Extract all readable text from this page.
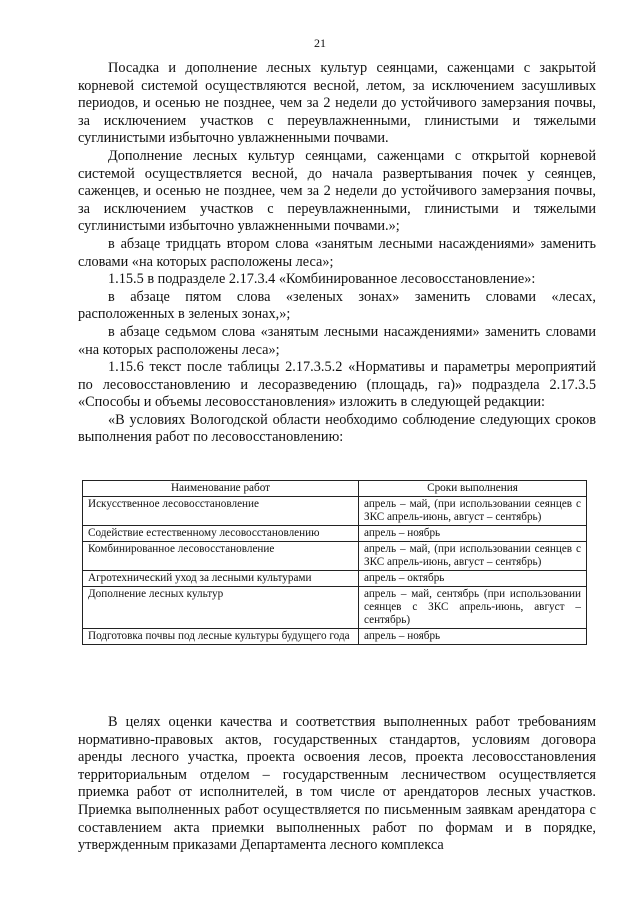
21

Посадка и дополнение лесных культур сеянцами, саженцами с закрытой корневой системой осуществляются весной, летом, за исключением засушливых периодов, и осенью не позднее, чем за 2 недели до устойчивого замерзания почвы, за исключением участков с переувлажненными, глинистыми и тяжелыми суглинистыми избыточно увлажненными почвами.

Дополнение лесных культур сеянцами, саженцами с открытой корневой системой осуществляется весной, до начала развертывания почек у сеянцев, саженцев, и осенью не позднее, чем за 2 недели до устойчивого замерзания почвы, за исключением участков с переувлажненными, глинистыми и тяжелыми суглинистыми избыточно увлажненными почвами.»;

в абзаце тридцать втором слова «занятым лесными насаждениями» заменить словами «на которых расположены леса»;

1.15.5 в подразделе 2.17.3.4 «Комбинированное лесовосстановление»:

в абзаце пятом слова «зеленых зонах» заменить словами «лесах, расположенных в зеленых зонах,»;

в абзаце седьмом слова «занятым лесными насаждениями» заменить словами «на которых расположены леса»;

1.15.6 текст после таблицы 2.17.3.5.2 «Нормативы и параметры мероприятий по лесовосстановлению и лесоразведению (площадь, га)» подраздела 2.17.3.5 «Способы и объемы лесовосстановления» изложить в следующей редакции:

«В условиях Вологодской области необходимо соблюдение следующих сроков выполнения работ по лесовосстановлению:

Наименование работ	Сроки выполнения
Искусственное лесовосстановление	апрель – май, (при использовании сеянцев с ЗКС апрель-июнь, август – сентябрь)
Содействие естественному лесовосстановлению	апрель – ноябрь
Комбинированное лесовосстановление	апрель – май, (при использовании сеянцев с ЗКС апрель-июнь, август – сентябрь)
Агротехнический уход за лесными культурами	апрель – октябрь
Дополнение лесных культур	апрель – май, сентябрь (при использовании сеянцев с ЗКС апрель-июнь, август – сентябрь)
Подготовка почвы под лесные культуры будущего года	апрель – ноябрь

В целях оценки качества и соответствия выполненных работ требованиям нормативно-правовых актов, государственных стандартов, условиям договора аренды лесного участка, проекта освоения лесов, проекта лесовосстановления территориальным отделом – государственным лесничеством осуществляется приемка работ от исполнителей, в том числе от арендаторов лесных участков. Приемка выполненных работ осуществляется по письменным заявкам арендатора с составлением акта приемки выполненных работ по формам и в порядке, утвержденным приказами Департамента лесного комплекса
